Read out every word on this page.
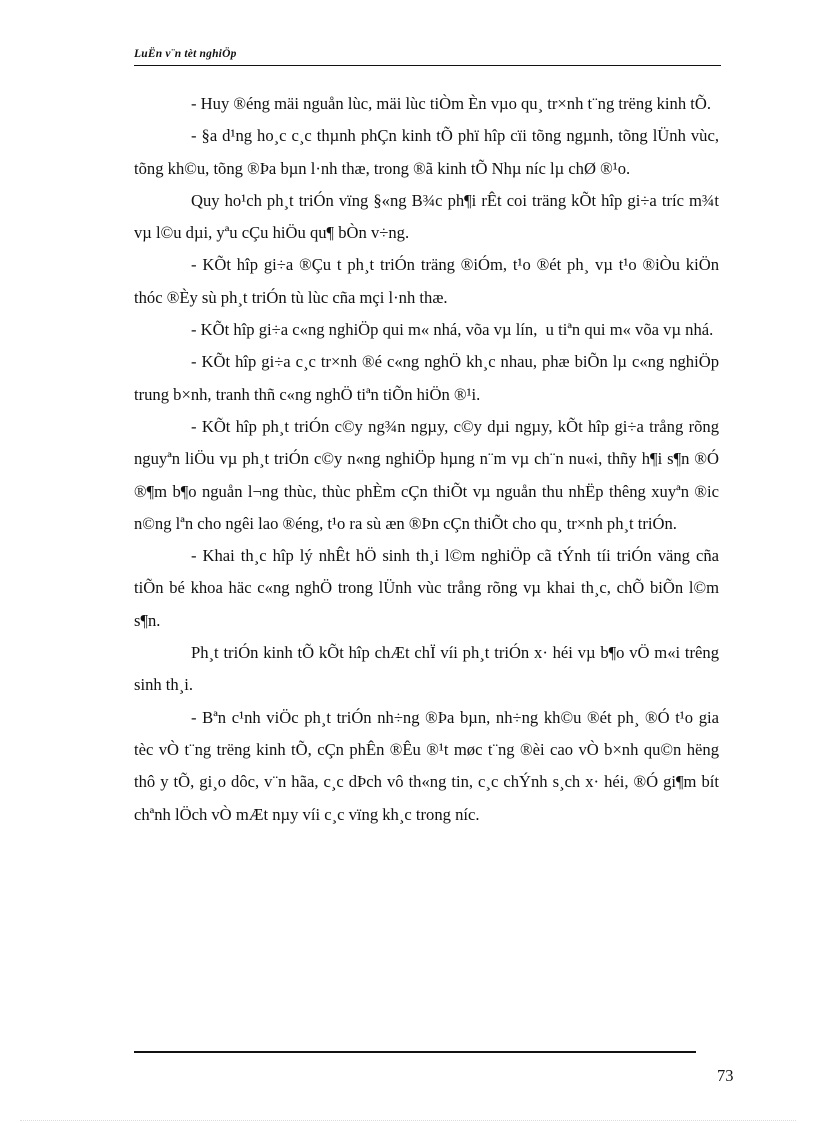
LuËn v¨n tèt nghiÖp

- Huy ®éng mäi nguån lùc, mäi lùc tiÒm Èn vµo qu¸ tr×nh t¨ng trëng kinh tÕ.

- §a d¹ng ho¸c c¸c thµnh phÇn kinh tÕ phï hîp cïi tõng ngµnh, tõng lÜnh vùc, tõng kh©u, tõng ®Þa bµn l·nh thæ, trong ®ã kinh tÕ Nhµ níc lµ chØ ®¹o.

Quy ho¹ch ph¸t triÓn vïng §«ng B¾c ph¶i rÊt coi träng kÕt hîp gi÷a tríc m¾t vµ l©u dµi, yªu cÇu hiÖu qu¶ bÒn v÷ng.

- KÕt hîp gi÷a ®Çu t ph¸t triÓn träng ®iÓm, t¹o ®ét ph¸ vµ t¹o ®iÒu kiÖn thóc ®Èy sù ph¸t triÓn tù lùc cña mçi l·nh thæ.

- KÕt hîp gi÷a c«ng nghiÖp qui m« nhá, võa vµ lín, u tiªn qui m« võa vµ nhá.

- KÕt hîp gi÷a c¸c tr×nh ®é c«ng nghÖ kh¸c nhau, phæ biÕn lµ c«ng nghiÖp trung b×nh, tranh thñ c«ng nghÖ tiªn tiÕn hiÖn ®¹i.

- KÕt hîp ph¸t triÓn c©y ng¾n ngµy, c©y dµi ngµy, kÕt hîp gi÷a trång rõng nguyªn liÖu vµ ph¸t triÓn c©y n«ng nghiÖp hµng n¨m vµ ch¨n nu«i, thñy h¶i s¶n ®Ó ®¶m b¶o nguån l¬ng thùc, thùc phÈm cÇn thiÕt vµ nguån thu nhËp thêng xuyªn ®ic n©ng lªn cho ngêi lao ®éng, t¹o ra sù æn ®Þn cÇn thiÕt cho qu¸ tr×nh ph¸t triÓn.

- Khai th¸c hîp lý nhÊt hÖ sinh th¸i l©m nghiÖp cã tÝnh tíi triÓn väng cña tiÕn bé khoa häc c«ng nghÖ trong lÜnh vùc trång rõng vµ khai th¸c, chÕ biÕn l©m s¶n.

Ph¸t triÓn kinh tÕ kÕt hîp chÆt chÏ víi ph¸t triÓn x· héi vµ b¶o vÖ m«i trêng sinh th¸i.

- Bªn c¹nh viÖc ph¸t triÓn nh÷ng ®Þa bµn, nh÷ng kh©u ®ét ph¸ ®Ó t¹o gia tèc vÒ t¨ng trëng kinh tÕ, cÇn phÊn ®Êu ®¹t møc t¨ng ®èi cao vÒ b×nh qu©n hëng thô y tÕ, gi¸o dôc, v¨n hãa, c¸c dÞch vô th«ng tin, c¸c chÝnh s¸ch x· héi, ®Ó gi¶m bít chªnh lÖch vÒ mÆt nµy víi c¸c vïng kh¸c trong níc.

73
